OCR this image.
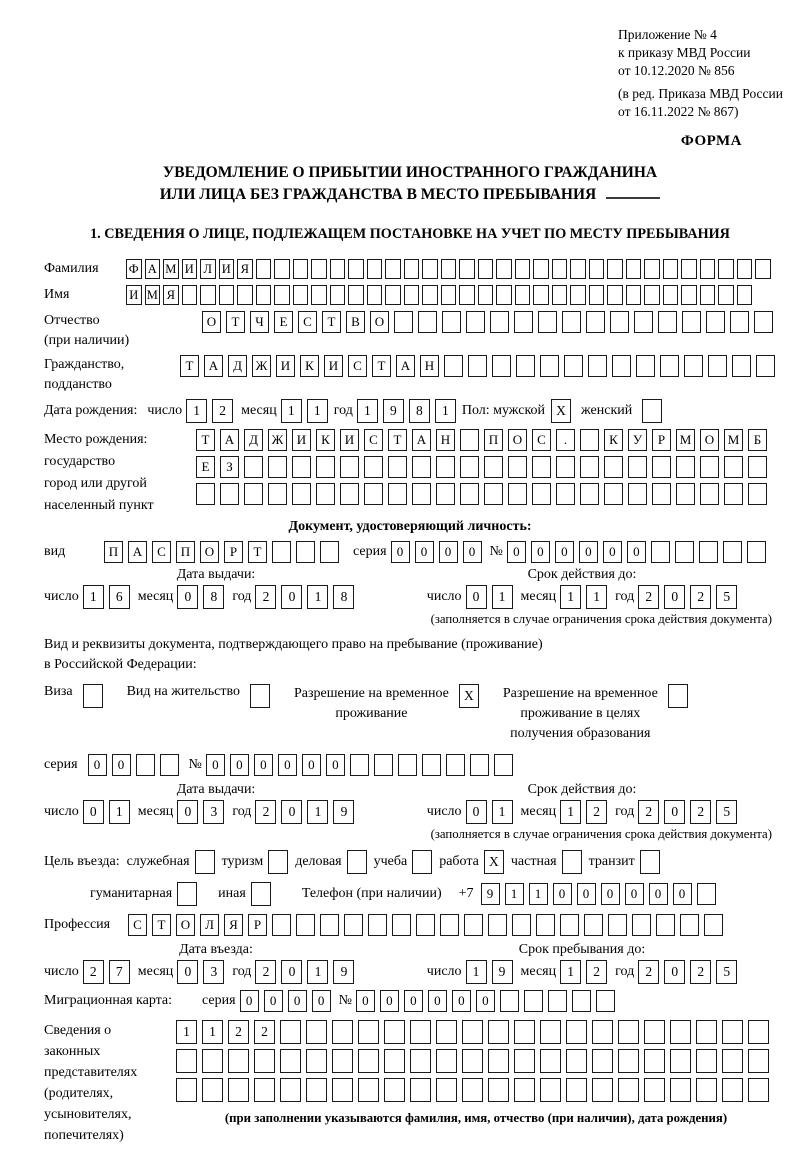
Приложение № 4
к приказу МВД России
от 10.12.2020 № 856
(в ред. Приказа МВД России
от 16.11.2022 № 867)
ФОРМА
УВЕДОМЛЕНИЕ О ПРИБЫТИИ ИНОСТРАННОГО ГРАЖДАНИНА
ИЛИ ЛИЦА БЕЗ ГРАЖДАНСТВА В МЕСТО ПРЕБЫВАНИЯ
1. СВЕДЕНИЯ О ЛИЦЕ, ПОДЛЕЖАЩЕМ ПОСТАНОВКЕ НА УЧЕТ ПО МЕСТУ ПРЕБЫВАНИЯ
Фамилия	Ф А М И Л И Я
Имя	И М Я
Отчество
(при наличии)
О	Т	Ч	Е	С	Т	В	О
Гражданство,
подданство
Т	А	Д	Ж	И	К	И	С	Т	А	Н
Дата рождения: число 1	2	месяц 1	1 год 1	9	8	1 Пол: мужской X	женский
Место рождения:
государство
город или другой
населенный пункт
Т	А	Д	Ж	И	К	И	С	Т	А	Н	П	О	С	.	К	У	Р	М	О	М	Б

Е	З

Документ, удостоверяющий личность:
вид	П	А	С	П	О	Р	Т	серия 0	0	0	0	№ 0	0	0	0	0	0
Дата выдачи:	Срок действия до:
число 1	6	месяц 0	8	год 2	0	1	8	число 0	1	месяц 1	1	год 2	0	2	5
(заполняется в случае ограничения срока действия документа)
Вид и реквизиты документа, подтверждающего право на пребывание (проживание)
в Российской Федерации:
Виза	Вид на жительство	Разрешение на временное
проживание
X	Разрешение на временное
проживание в целях
получения образования
серия	0	0	№ 0	0	0	0	0	0
Дата выдачи:	Срок действия до:
число 0	1	месяц 0	3	год 2	0	1	9	число 0	1	месяц 1	2	год 2	0	2	5
(заполняется в случае ограничения срока действия документа)
Цель въезда: служебная туризм деловая учеба работа X частная транзит
гуманитарная	иная	Телефон (при наличии) +7	9	1	1	0	0	0	0	0	0
Профессия	С	Т	О	Л	Я	Р
Дата въезда:	Срок пребывания до:
число 2	7	месяц 0	3	год 2	0	1	9	число 1	9	месяц 1	2	год 2	0	2	5
Миграционная карта: серия 0	0	0	0	№ 0	0	0	0	0	0
Сведения о
законных
представителях
(родителях,
усыновителях,
попечителях)
1	1	2	2

(при заполнении указываются фамилия, имя, отчество (при наличии), дата рождения)
